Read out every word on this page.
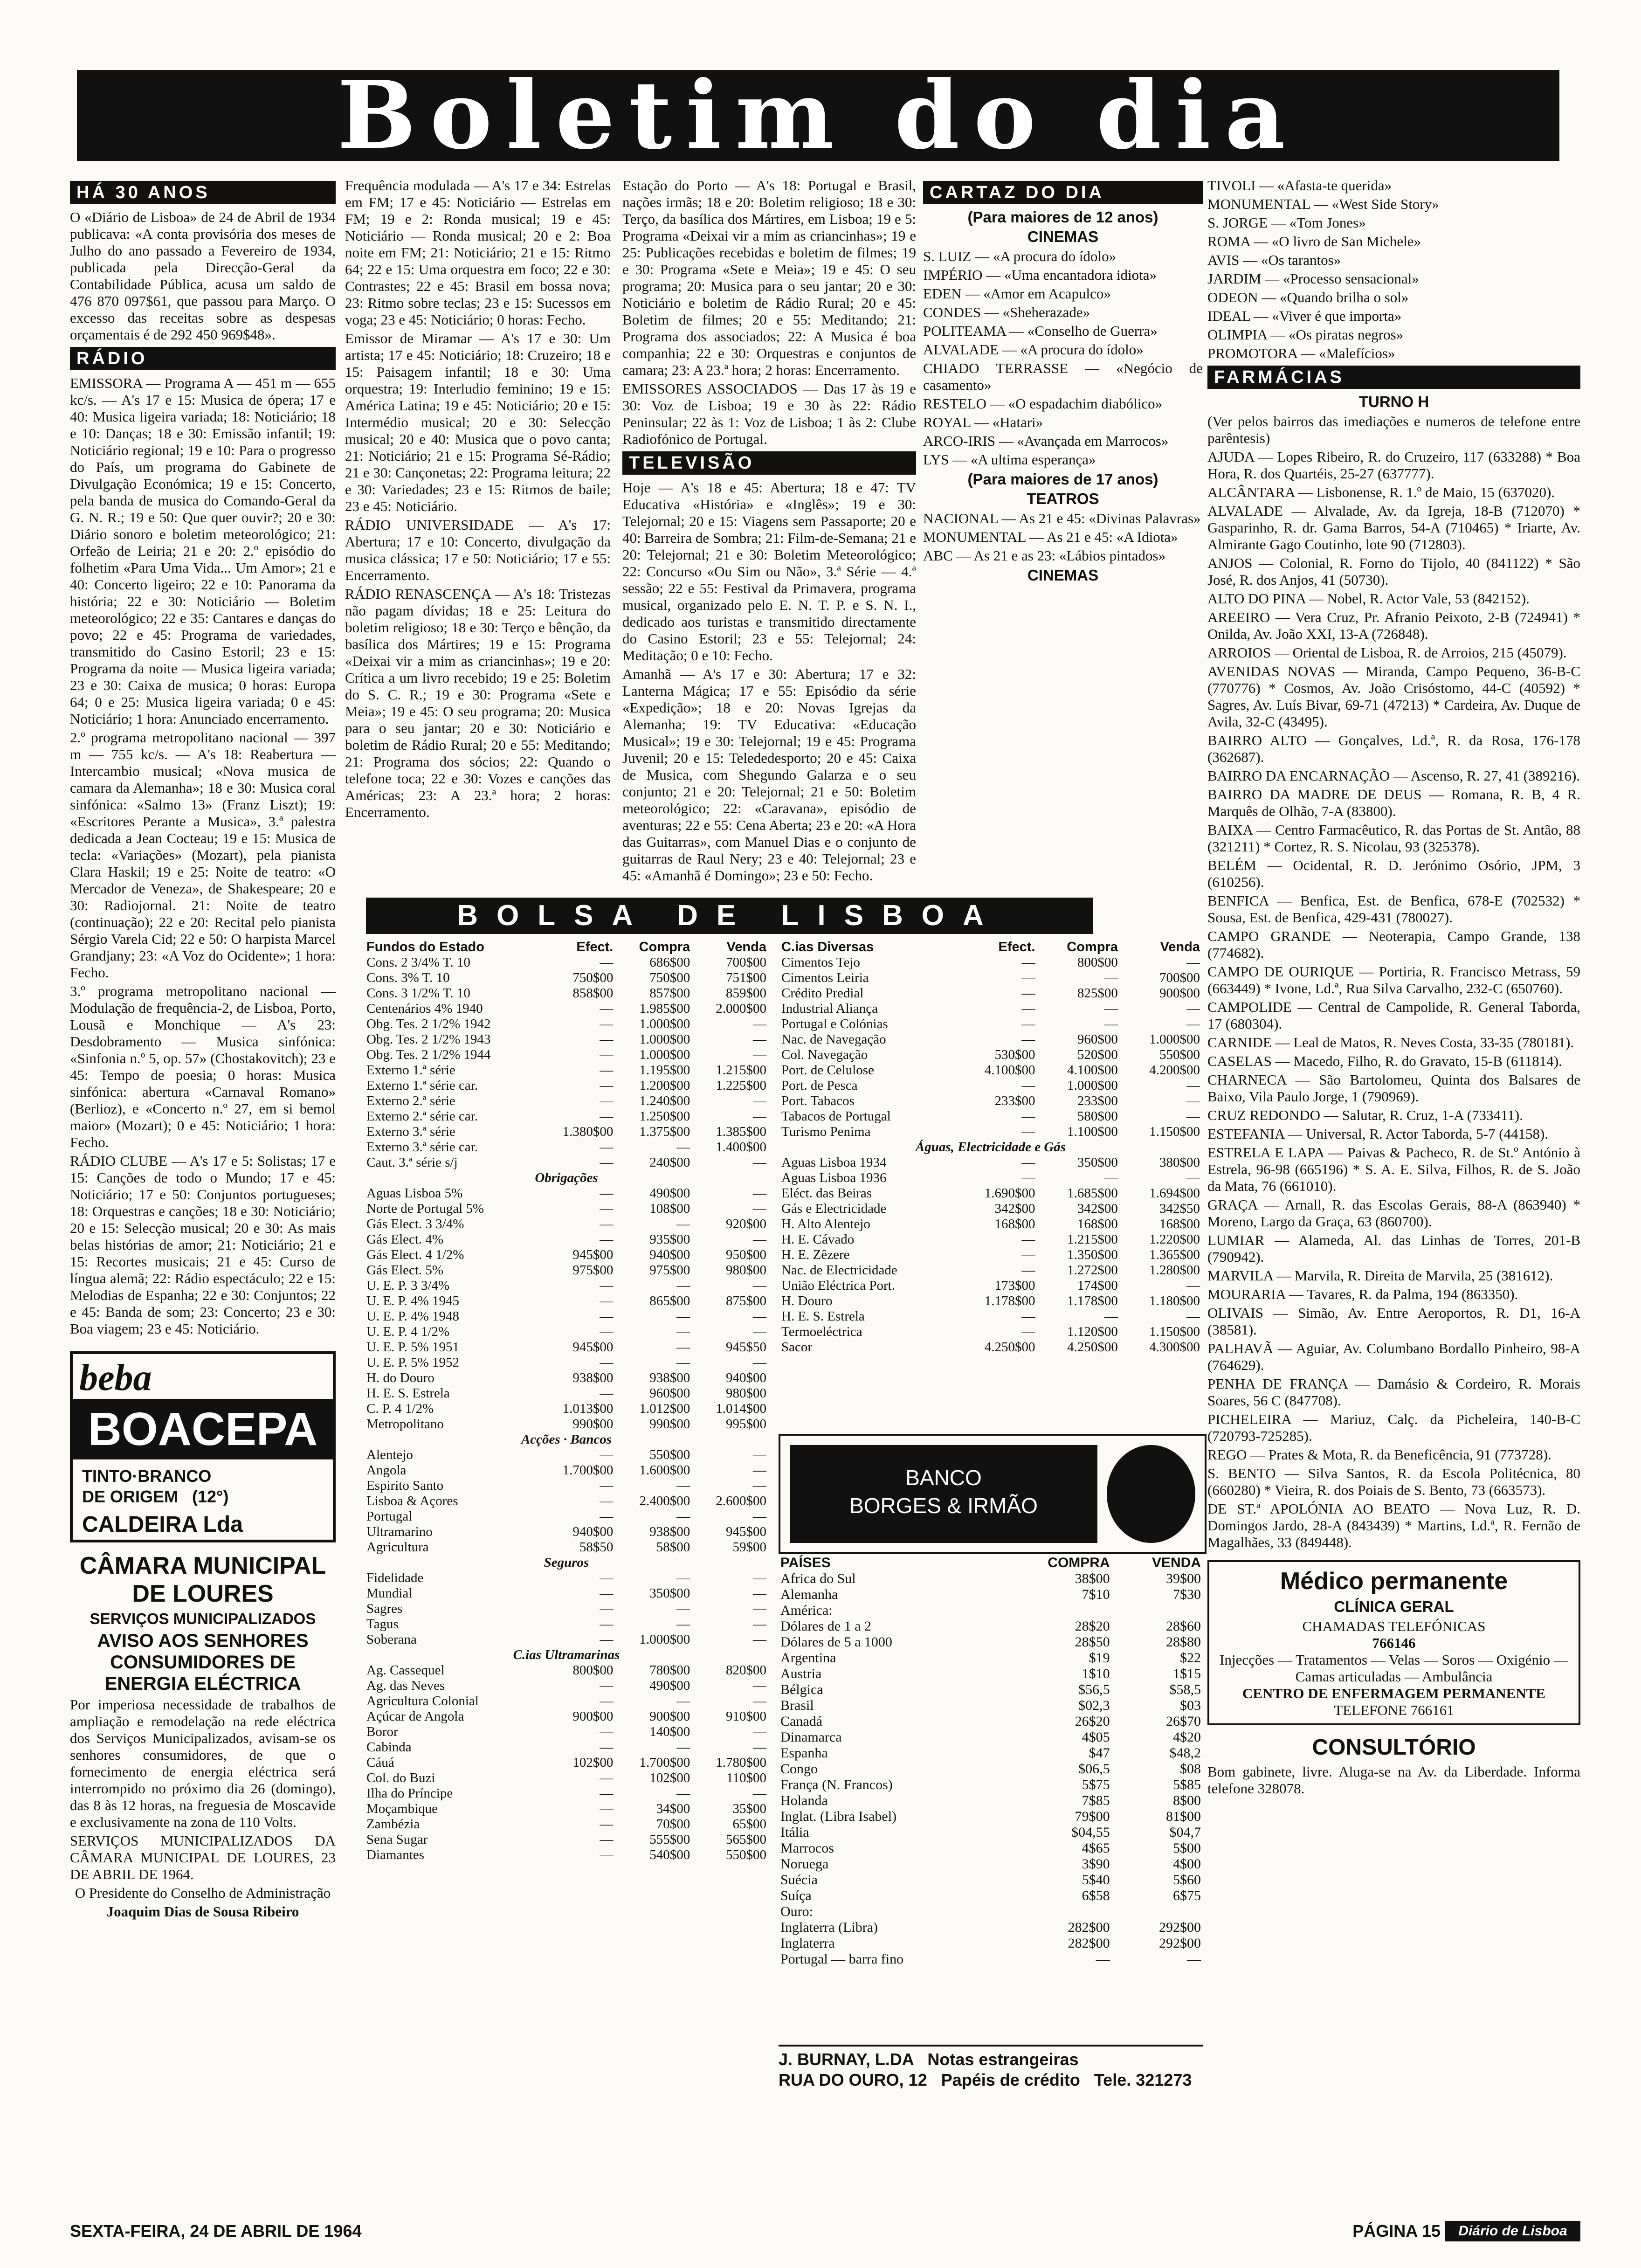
Boletim do dia
HÁ 30 ANOS

O «Diário de Lisboa» de 24 de Abril de 1934 publicava: «A conta provisória dos meses de Julho do ano passado a Fevereiro de 1934, publicada pela Direcção-Geral da Contabilidade Pública, acusa um saldo de 476 870 097$61, que passou para Março. O excesso das receitas sobre as despesas orçamentais é de 292 450 969$48».

RÁDIO

EMISSORA — Programa A — 451 m — 655 kc/s. — A's 17 e 15: Musica de ópera; 17 e 40: Musica ligeira variada; 18: Noticiário; 18 e 10: Danças; 18 e 30: Emissão infantil; 19: Noticiário regional; 19 e 10: Para o progresso do País, um programa do Gabinete de Divulgação Económica; 19 e 15: Concerto, pela banda de musica do Comando-Geral da G. N. R.; 19 e 50: Que quer ouvir?; 20 e 30: Diário sonoro e boletim meteorológico; 21: Orfeão de Leiria; 21 e 20: 2.º episódio do folhetim «Para Uma Vida... Um Amor»; 21 e 40: Concerto ligeiro; 22 e 10: Panorama da história; 22 e 30: Noticiário — Boletim meteorológico; 22 e 35: Cantares e danças do povo; 22 e 45: Programa de variedades, transmitido do Casino Estoril; 23 e 15: Programa da noite — Musica ligeira variada; 23 e 30: Caixa de musica; 0 horas: Europa 64; 0 e 25: Musica ligeira variada; 0 e 45: Noticiário; 1 hora: Anunciado encerramento.

2.º programa metropolitano nacional — 397 m — 755 kc/s. — A's 18: Reabertura — Intercambio musical; «Nova musica de camara da Alemanha»; 18 e 30: Musica coral sinfónica: «Salmo 13» (Franz Liszt); 19: «Escritores Perante a Musica», 3.ª palestra dedicada a Jean Cocteau; 19 e 15: Musica de tecla: «Variações» (Mozart), pela pianista Clara Haskil; 19 e 25: Noite de teatro: «O Mercador de Veneza», de Shakespeare; 20 e 30: Radiojornal. 21: Noite de teatro (continuação); 22 e 20: Recital pelo pianista Sérgio Varela Cid; 22 e 50: O harpista Marcel Grandjany; 23: «A Voz do Ocidente»; 1 hora: Fecho.

3.º programa metropolitano nacional — Modulação de frequência-2, de Lisboa, Porto, Lousã e Monchique — A's 23: Desdobramento — Musica sinfónica: «Sinfonia n.º 5, op. 57» (Chostakovitch); 23 e 45: Tempo de poesia; 0 horas: Musica sinfónica: abertura «Carnaval Romano» (Berlioz), e «Concerto n.º 27, em si bemol maior» (Mozart); 0 e 45: Noticiário; 1 hora: Fecho.

RÁDIO CLUBE — A's 17 e 5: Solistas; 17 e 15: Canções de todo o Mundo; 17 e 45: Noticiário; 17 e 50: Conjuntos portugueses; 18: Orquestras e canções; 18 e 30: Noticiário; 20 e 15: Selecção musical; 20 e 30: As mais belas histórias de amor; 21: Noticiário; 21 e 15: Recortes musicais; 21 e 45: Curso de língua alemã; 22: Rádio espectáculo; 22 e 15: Melodias de Espanha; 22 e 30: Conjuntos; 22 e 45: Banda de som; 23: Concerto; 23 e 30: Boa viagem; 23 e 45: Noticiário.

beba
BOACEPA
TINTO·BRANCO
DE ORIGEM   (12°)
CALDEIRA Lda
CÂMARA MUNICIPAL
DE LOURES
SERVIÇOS MUNICIPALIZADOS
AVISO AOS SENHORES CONSUMIDORES DE ENERGIA ELÉCTRICA

Por imperiosa necessidade de trabalhos de ampliação e remodelação na rede eléctrica dos Serviços Municipalizados, avisam-se os senhores consumidores, de que o fornecimento de energia eléctrica será interrompido no próximo dia 26 (domingo), das 8 às 12 horas, na freguesia de Moscavide e exclusivamente na zona de 110 Volts.

SERVIÇOS MUNICIPALIZADOS DA CÂMARA MUNICIPAL DE LOURES, 23 DE ABRIL DE 1964.

O Presidente do Conselho de Administração

Joaquim Dias de Sousa Ribeiro

Frequência modulada — A's 17 e 34: Estrelas em FM; 17 e 45: Noticiário — Estrelas em FM; 19 e 2: Ronda musical; 19 e 45: Noticiário — Ronda musical; 20 e 2: Boa noite em FM; 21: Noticiário; 21 e 15: Ritmo 64; 22 e 15: Uma orquestra em foco; 22 e 30: Contrastes; 22 e 45: Brasil em bossa nova; 23: Ritmo sobre teclas; 23 e 15: Sucessos em voga; 23 e 45: Noticiário; 0 horas: Fecho.

Emissor de Miramar — A's 17 e 30: Um artista; 17 e 45: Noticiário; 18: Cruzeiro; 18 e 15: Paisagem infantil; 18 e 30: Uma orquestra; 19: Interludio feminino; 19 e 15: América Latina; 19 e 45: Noticiário; 20 e 15: Intermédio musical; 20 e 30: Selecção musical; 20 e 40: Musica que o povo canta; 21: Noticiário; 21 e 15: Programa Sé-Rádio; 21 e 30: Cançonetas; 22: Programa leitura; 22 e 30: Variedades; 23 e 15: Ritmos de baile; 23 e 45: Noticiário.

RÁDIO UNIVERSIDADE — A's 17: Abertura; 17 e 10: Concerto, divulgação da musica clássica; 17 e 50: Noticiário; 17 e 55: Encerramento.

RÁDIO RENASCENÇA — A's 18: Tristezas não pagam dívidas; 18 e 25: Leitura do boletim religioso; 18 e 30: Terço e bênção, da basílica dos Mártires; 19 e 15: Programa «Deixai vir a mim as criancinhas»; 19 e 20: Crítica a um livro recebido; 19 e 25: Boletim do S. C. R.; 19 e 30: Programa «Sete e Meia»; 19 e 45: O seu programa; 20: Musica para o seu jantar; 20 e 30: Noticiário e boletim de Rádio Rural; 20 e 55: Meditando; 21: Programa dos sócios; 22: Quando o telefone toca; 22 e 30: Vozes e canções das Américas; 23: A 23.ª hora; 2 horas: Encerramento.

Estação do Porto — A's 18: Portugal e Brasil, nações irmãs; 18 e 20: Boletim religioso; 18 e 30: Terço, da basílica dos Mártires, em Lisboa; 19 e 5: Programa «Deixai vir a mim as criancinhas»; 19 e 25: Publicações recebidas e boletim de filmes; 19 e 30: Programa «Sete e Meia»; 19 e 45: O seu programa; 20: Musica para o seu jantar; 20 e 30: Noticiário e boletim de Rádio Rural; 20 e 45: Boletim de filmes; 20 e 55: Meditando; 21: Programa dos associados; 22: A Musica é boa companhia; 22 e 30: Orquestras e conjuntos de camara; 23: A 23.ª hora; 2 horas: Encerramento.

EMISSORES ASSOCIADOS — Das 17 às 19 e 30: Voz de Lisboa; 19 e 30 às 22: Rádio Peninsular; 22 às 1: Voz de Lisboa; 1 às 2: Clube Radiofónico de Portugal.

TELEVISÃO

Hoje — A's 18 e 45: Abertura; 18 e 47: TV Educativa «História» e «Inglês»; 19 e 30: Telejornal; 20 e 15: Viagens sem Passaporte; 20 e 40: Barreira de Sombra; 21: Film-de-Semana; 21 e 20: Telejornal; 21 e 30: Boletim Meteorológico; 22: Concurso «Ou Sim ou Não», 3.ª Série — 4.ª sessão; 22 e 55: Festival da Primavera, programa musical, organizado pelo E. N. T. P. e S. N. I., dedicado aos turistas e transmitido directamente do Casino Estoril; 23 e 55: Telejornal; 24: Meditação; 0 e 10: Fecho.

Amanhã — A's 17 e 30: Abertura; 17 e 32: Lanterna Mágica; 17 e 55: Episódio da série «Expedição»; 18 e 20: Novas Igrejas da Alemanha; 19: TV Educativa: «Educação Musical»; 19 e 30: Telejornal; 19 e 45: Programa Juvenil; 20 e 15: Telededesporto; 20 e 45: Caixa de Musica, com Shegundo Galarza e o seu conjunto; 21 e 20: Telejornal; 21 e 50: Boletim meteorológico; 22: «Caravana», episódio de aventuras; 22 e 55: Cena Aberta; 23 e 20: «A Hora das Guitarras», com Manuel Dias e o conjunto de guitarras de Raul Nery; 23 e 40: Telejornal; 23 e 45: «Amanhã é Domingo»; 23 e 50: Fecho.

CARTAZ DO DIA
(Para maiores de 12 anos)
CINEMAS

S. LUIZ — «A procura do ídolo»

IMPÉRIO — «Uma encantadora idiota»

EDEN — «Amor em Acapulco»

CONDES — «Sheherazade»

POLITEAMA — «Conselho de Guerra»

ALVALADE — «A procura do ídolo»

CHIADO TERRASSE — «Negócio de casamento»

RESTELO — «O espadachim diabólico»

ROYAL — «Hatari»

ARCO-IRIS — «Avançada em Marrocos»

LYS — «A ultima esperança»

(Para maiores de 17 anos)
TEATROS

NACIONAL — As 21 e 45: «Divinas Palavras»

MONUMENTAL — As 21 e 45: «A Idiota»

ABC — As 21 e as 23: «Lábios pintados»

CINEMAS

TIVOLI — «Afasta-te querida»

MONUMENTAL — «West Side Story»

S. JORGE — «Tom Jones»

ROMA — «O livro de San Michele»

AVIS — «Os tarantos»

JARDIM — «Processo sensacional»

ODEON — «Quando brilha o sol»

IDEAL — «Viver é que importa»

OLIMPIA — «Os piratas negros»

PROMOTORA — «Malefícios»

FARMÁCIAS
TURNO H

(Ver pelos bairros das imediações e numeros de telefone entre parêntesis)

AJUDA — Lopes Ribeiro, R. do Cruzeiro, 117 (633288) * Boa Hora, R. dos Quartéis, 25-27 (637777).

ALCÂNTARA — Lisbonense, R. 1.º de Maio, 15 (637020).

ALVALADE — Alvalade, Av. da Igreja, 18-B (712070) * Gasparinho, R. dr. Gama Barros, 54-A (710465) * Iriarte, Av. Almirante Gago Coutinho, lote 90 (712803).

ANJOS — Colonial, R. Forno do Tijolo, 40 (841122) * São José, R. dos Anjos, 41 (50730).

ALTO DO PINA — Nobel, R. Actor Vale, 53 (842152).

AREEIRO — Vera Cruz, Pr. Afranio Peixoto, 2-B (724941) * Onilda, Av. João XXI, 13-A (726848).

ARROIOS — Oriental de Lisboa, R. de Arroios, 215 (45079).

AVENIDAS NOVAS — Miranda, Campo Pequeno, 36-B-C (770776) * Cosmos, Av. João Crisóstomo, 44-C (40592) * Sagres, Av. Luís Bivar, 69-71 (47213) * Cardeira, Av. Duque de Avila, 32-C (43495).

BAIRRO ALTO — Gonçalves, Ld.ª, R. da Rosa, 176-178 (362687).

BAIRRO DA ENCARNAÇÃO — Ascenso, R. 27, 41 (389216).

BAIRRO DA MADRE DE DEUS — Romana, R. B, 4 R. Marquês de Olhão, 7-A (83800).

BAIXA — Centro Farmacêutico, R. das Portas de St. Antão, 88 (321211) * Cortez, R. S. Nicolau, 93 (325378).

BELÉM — Ocidental, R. D. Jerónimo Osório, JPM, 3 (610256).

BENFICA — Benfica, Est. de Benfica, 678-E (702532) * Sousa, Est. de Benfica, 429-431 (780027).

CAMPO GRANDE — Neoterapia, Campo Grande, 138 (774682).

CAMPO DE OURIQUE — Portiria, R. Francisco Metrass, 59 (663449) * Ivone, Ld.ª, Rua Silva Carvalho, 232-C (650760).

CAMPOLIDE — Central de Campolide, R. General Taborda, 17 (680304).

CARNIDE — Leal de Matos, R. Neves Costa, 33-35 (780181).

CASELAS — Macedo, Filho, R. do Gravato, 15-B (611814).

CHARNECA — São Bartolomeu, Quinta dos Balsares de Baixo, Vila Paulo Jorge, 1 (790969).

CRUZ REDONDO — Salutar, R. Cruz, 1-A (733411).

ESTEFANIA — Universal, R. Actor Taborda, 5-7 (44158).

ESTRELA E LAPA — Paivas & Pacheco, R. de St.º António à Estrela, 96-98 (665196) * S. A. E. Silva, Filhos, R. de S. João da Mata, 76 (661010).

GRAÇA — Arnall, R. das Escolas Gerais, 88-A (863940) * Moreno, Largo da Graça, 63 (860700).

LUMIAR — Alameda, Al. das Linhas de Torres, 201-B (790942).

MARVILA — Marvila, R. Direita de Marvila, 25 (381612).

MOURARIA — Tavares, R. da Palma, 194 (863350).

OLIVAIS — Simão, Av. Entre Aeroportos, R. D1, 16-A (38581).

PALHAVÃ — Aguiar, Av. Columbano Bordallo Pinheiro, 98-A (764629).

PENHA DE FRANÇA — Damásio & Cordeiro, R. Morais Soares, 56 C (847708).

PICHELEIRA — Mariuz, Calç. da Picheleira, 140-B-C (720793-725285).

REGO — Prates & Mota, R. da Beneficência, 91 (773728).

S. BENTO — Silva Santos, R. da Escola Politécnica, 80 (660280) * Vieira, R. dos Poiais de S. Bento, 73 (663573).

DE ST.ª APOLÓNIA AO BEATO — Nova Luz, R. D. Domingos Jardo, 28-A (843439) * Martins, Ld.ª, R. Fernão de Magalhães, 33 (849448).

Médico permanente
CLÍNICA GERAL
CHAMADAS TELEFÓNICAS
766146
Injecções — Tratamentos — Velas — Soros — Oxigénio — Camas articuladas — Ambulância
CENTRO DE ENFERMAGEM PERMANENTE
TELEFONE 766161
CONSULTÓRIO

Bom gabinete, livre. Aluga-se na Av. da Liberdade. Informa telefone 328078.

BOLSA DE LISBOA
Fundos do Estado	Efect.	Compra	Venda
Cons. 2 3/4% T. 10	—	686$00	700$00
Cons. 3% T. 10	750$00	750$00	751$00
Cons. 3 1/2% T. 10	858$00	857$00	859$00
Centenários 4% 1940	—	1.985$00	2.000$00
Obg. Tes. 2 1/2% 1942	—	1.000$00	—
Obg. Tes. 2 1/2% 1943	—	1.000$00	—
Obg. Tes. 2 1/2% 1944	—	1.000$00	—
Externo 1.ª série	—	1.195$00	1.215$00
Externo 1.ª série car.	—	1.200$00	1.225$00
Externo 2.ª série	—	1.240$00	—
Externo 2.ª série car.	—	1.250$00	—
Externo 3.ª série	1.380$00	1.375$00	1.385$00
Externo 3.ª série car.	—	—	1.400$00
Caut. 3.ª série s/j	—	240$00	—
Obrigações			
Aguas Lisboa 5%	—	490$00	—
Norte de Portugal 5%	—	108$00	—
Gás Elect. 3 3/4%	—	—	920$00
Gás Elect. 4%	—	935$00	—
Gás Elect. 4 1/2%	945$00	940$00	950$00
Gás Elect. 5%	975$00	975$00	980$00
U. E. P. 3 3/4%	—	—	—
U. E. P. 4% 1945	—	865$00	875$00
U. E. P. 4% 1948	—	—	—
U. E. P. 4 1/2%	—	—	—
U. E. P. 5% 1951	945$00	—	945$50
U. E. P. 5% 1952	—	—	—
H. do Douro	938$00	938$00	940$00
H. E. S. Estrela	—	960$00	980$00
C. P. 4 1/2%	1.013$00	1.012$00	1.014$00
Metropolitano	990$00	990$00	995$00
Acções · Bancos			
Alentejo	—	550$00	—
Angola	1.700$00	1.600$00	—
Espirito Santo	—	—	—
Lisboa & Açores	—	2.400$00	2.600$00
Portugal	—	—	—
Ultramarino	940$00	938$00	945$00
Agricultura	58$50	58$00	59$00
Seguros			
Fidelidade	—	—	—
Mundial	—	350$00	—
Sagres	—	—	—
Tagus	—	—	—
Soberana	—	1.000$00	—
C.ias Ultramarinas			
Ag. Cassequel	800$00	780$00	820$00
Ag. das Neves	—	490$00	—
Agricultura Colonial	—	—	—
Açúcar de Angola	900$00	900$00	910$00
Boror	—	140$00	—
Cabinda	—	—	—
Cáuá	102$00	1.700$00	1.780$00
Col. do Buzi	—	102$00	110$00
Ilha do Príncipe	—	—	—
Moçambique	—	34$00	35$00
Zambézia	—	70$00	65$00
Sena Sugar	—	555$00	565$00
Diamantes	—	540$00	550$00
C.ias Diversas	Efect.	Compra	Venda
Cimentos Tejo	—	800$00	—
Cimentos Leiria	—	—	700$00
Crédito Predial	—	825$00	900$00
Industrial Aliança	—	—	—
Portugal e Colónias	—	—	—
Nac. de Navegação	—	960$00	1.000$00
Col. Navegação	530$00	520$00	550$00
Port. de Celulose	4.100$00	4.100$00	4.200$00
Port. de Pesca	—	1.000$00	—
Port. Tabacos	233$00	233$00	—
Tabacos de Portugal	—	580$00	—
Turismo Penima	—	1.100$00	1.150$00
Águas, Electricidade e Gás			
Aguas Lisboa 1934	—	350$00	380$00
Aguas Lisboa 1936	—	—	—
Eléct. das Beiras	1.690$00	1.685$00	1.694$00
Gás e Electricidade	342$00	342$00	342$50
H. Alto Alentejo	168$00	168$00	168$00
H. E. Cávado	—	1.215$00	1.220$00
H. E. Zêzere	—	1.350$00	1.365$00
Nac. de Electricidade	—	1.272$00	1.280$00
União Eléctrica Port.	173$00	174$00	—
H. Douro	1.178$00	1.178$00	1.180$00
H. E. S. Estrela	—	—	—
Termoeléctrica	—	1.120$00	1.150$00
Sacor	4.250$00	4.250$00	4.300$00
BANCO
BORGES & IRMÃO
PAÍSES	COMPRA	VENDA
Africa do Sul	38$00	39$00
Alemanha	7$10	7$30
América:		
Dólares de 1 a 2	28$20	28$60
Dólares de 5 a 1000	28$50	28$80
Argentina	$19	$22
Austria	1$10	1$15
Bélgica	$56,5	$58,5
Brasil	$02,3	$03
Canadá	26$20	26$70
Dinamarca	4$05	4$20
Espanha	$47	$48,2
Congo	$06,5	$08
França (N. Francos)	5$75	5$85
Holanda	7$85	8$00
Inglat. (Libra Isabel)	79$00	81$00
Itália	$04,55	$04,7
Marrocos	4$65	5$00
Noruega	3$90	4$00
Suécia	5$40	5$60
Suíça	6$58	6$75
Ouro:		
Inglaterra (Libra)	282$00	292$00
Inglaterra	282$00	292$00
Portugal — barra fino	—	—
J. BURNAY, L.DA Notas estrangeiras
RUA DO OURO, 12 Papéis de crédito Tele. 321273
SEXTA-FEIRA, 24 DE ABRIL DE 1964	PÁGINA 15	Diário de Lisboa
